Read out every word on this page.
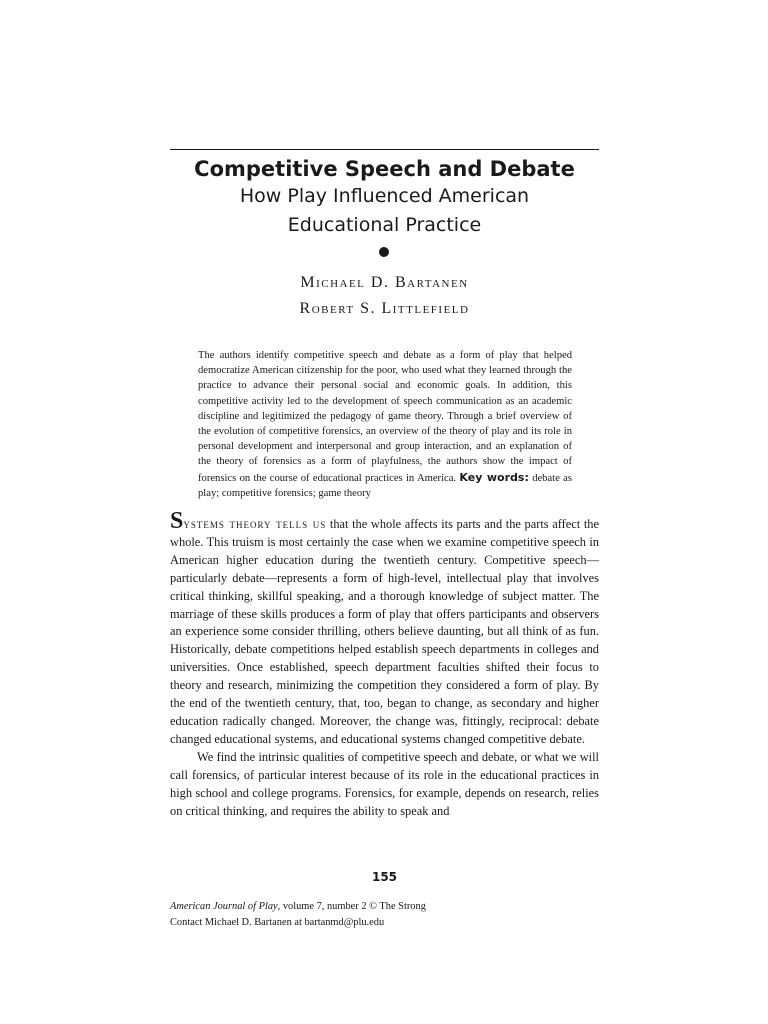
Competitive Speech and Debate
How Play Influenced American
Educational Practice

Michael D. Bartanen

Robert S. Littlefield

The authors identify competitive speech and debate as a form of play that helped democratize American citizenship for the poor, who used what they learned through the practice to advance their personal social and economic goals. In addition, this competitive activity led to the development of speech communication as an academic discipline and legitimized the pedagogy of game theory. Through a brief overview of the evolution of competitive forensics, an overview of the theory of play and its role in personal development and interpersonal and group interaction, and an explanation of the theory of forensics as a form of playfulness, the authors show the impact of forensics on the course of educational practices in America. Key words: debate as play; competitive forensics; game theory

Systems theory tells us that the whole affects its parts and the parts affect the whole. This truism is most certainly the case when we examine competitive speech in American higher education during the twentieth century. Competitive speech—particularly debate—represents a form of high-level, intellectual play that involves critical thinking, skillful speaking, and a thorough knowledge of subject matter. The marriage of these skills produces a form of play that offers participants and observers an experience some consider thrilling, others believe daunting, but all think of as fun. Historically, debate competitions helped establish speech departments in colleges and universities. Once established, speech department faculties shifted their focus to theory and research, minimizing the competition they considered a form of play. By the end of the twentieth century, that, too, began to change, as secondary and higher education radically changed. Moreover, the change was, fittingly, reciprocal: debate changed educational systems, and educational systems changed competitive debate.

We find the intrinsic qualities of competitive speech and debate, or what we will call forensics, of particular interest because of its role in the educational practices in high school and college programs. Forensics, for example, depends on research, relies on critical thinking, and requires the ability to speak and

155

American Journal of Play, volume 7, number 2 © The Strong
Contact Michael D. Bartanen at bartanmd@plu.edu
